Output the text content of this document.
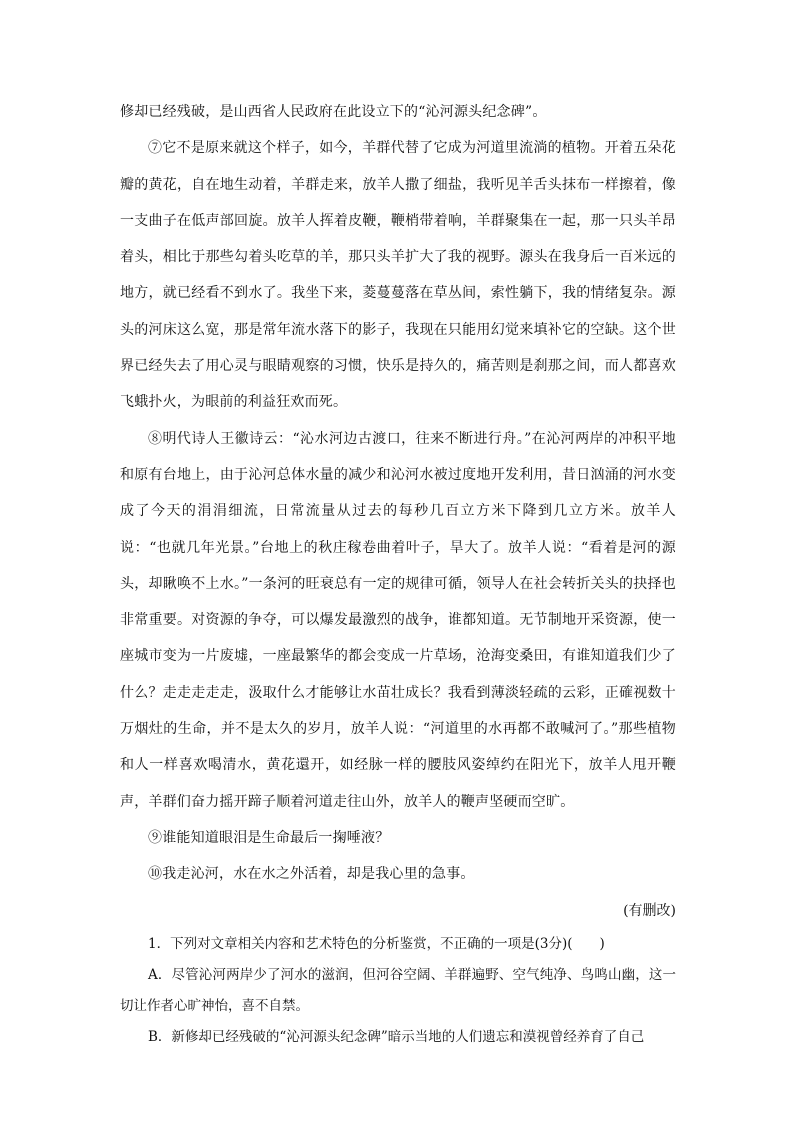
修却已经残破，是山西省人民政府在此设立下的“沁河源头纪念碑”。

⑦它不是原来就这个样子，如今，羊群代替了它成为河道里流淌的植物。开着五朵花瓣的黄花，自在地生动着，羊群走来，放羊人撒了细盐，我听见羊舌头抹布一样擦着，像一支曲子在低声部回旋。放羊人挥着皮鞭，鞭梢带着响，羊群聚集在一起，那一只头羊昂着头，相比于那些勾着头吃草的羊，那只头羊扩大了我的视野。源头在我身后一百米远的地方，就已经看不到水了。我坐下来，菱蔓蔓落在草丛间，索性躺下，我的情绪复杂。源头的河床这么宽，那是常年流水落下的影子，我现在只能用幻觉来填补它的空缺。这个世界已经失去了用心灵与眼睛观察的习惯，快乐是持久的，痛苦则是刹那之间，而人都喜欢飞蛾扑火，为眼前的利益狂欢而死。

⑧明代诗人王徽诗云：“沁水河边古渡口，往来不断进行舟。”在沁河两岸的冲积平地和原有台地上，由于沁河总体水量的减少和沁河水被过度地开发利用，昔日汹涌的河水变成了今天的涓涓细流，日常流量从过去的每秒几百立方米下降到几立方米。放羊人说：“也就几年光景。”台地上的秋庄稼卷曲着叶子，旱大了。放羊人说：“看着是河的源头，却瞅唤不上水。”一条河的旺衰总有一定的规律可循，领导人在社会转折关头的抉择也非常重要。对资源的争夺，可以爆发最激烈的战争，谁都知道。无节制地开采资源，使一座城市变为一片废墟，一座最繁华的都会变成一片草场，沧海变桑田，有谁知道我们少了什么？走走走走走，汲取什么才能够让水苗壮成长？我看到薄淡轻疏的云彩，正確视数十万烟灶的生命，并不是太久的岁月，放羊人说：“河道里的水再都不敢喊河了。”那些植物和人一样喜欢喝清水，黄花還开，如经脉一样的腰肢风姿绰约在阳光下，放羊人甩开鞭声，羊群们奋力摇开蹄子顺着河道走往山外，放羊人的鞭声坚硬而空旷。

⑨谁能知道眼泪是生命最后一掬唾液？

⑩我走沁河，水在水之外活着，却是我心里的急事。

(有删改)

1．下列对文章相关内容和艺术特色的分析鉴赏，不正确的一项是(3分)(　　)

A．尽管沁河两岸少了河水的滋润，但河谷空阔、羊群遍野、空气纯净、鸟鸣山幽，这一切让作者心旷神怡，喜不自禁。

B．新修却已经残破的“沁河源头纪念碑”暗示当地的人们遗忘和漠视曾经养育了自己
